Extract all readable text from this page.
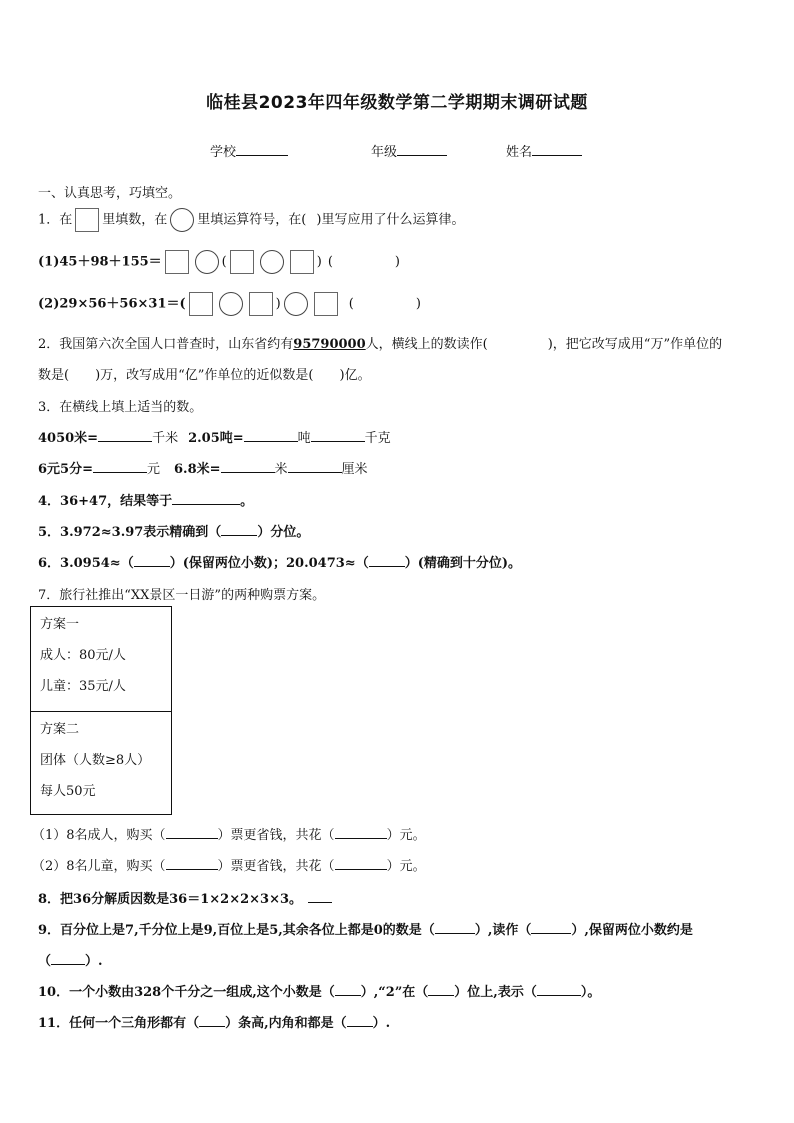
临桂县2023年四年级数学第二学期期末调研试题
学校	年级	姓名
一、认真思考，巧填空。
1．在 里填数，在 里填运算符号，在( )里写应用了什么运算律。
(1)45＋98＋155＝	(	) (	)
(2)29×56＋56×31＝(	)	(	)
2．我国第六次全国人口普查时，山东省约有95790000人，横线上的数读作(	)，把它改写成用“万”作单位的
数是(　　)万，改写成用“亿”作单位的近似数是(　　)亿。
3．在横线上填上适当的数。
4050米=	千米 2.05吨=	吨	千克
6元5分=	元 6.8米=	米	厘米
4．36+47，结果等于	。
5．3.972≈3.97表示精确到（	）分位。
6．3.0954≈（	）(保留两位小数)；20.0473≈（	）(精确到十分位)。
7．旅行社推出“XX景区一日游”的两种购票方案。
方案一
成人：80元/人
儿童：35元/人
方案二
团体（人数≥8人）
每人50元
（1）8名成人，购买（	）票更省钱，共花（	）元。
（2）8名儿童，购买（	）票更省钱，共花（	）元。
8．把36分解质因数是36＝1×2×2×3×3。
9．百分位上是7,千分位上是9,百位上是5,其余各位上都是0的数是（	）,读作（	）,保留两位小数约是
（	）.
10．一个小数由328个千分之一组成,这个小数是（ ）,“2”在（ ）位上,表示（	）。
11．任何一个三角形都有（ ）条高,内角和都是（ ）.
